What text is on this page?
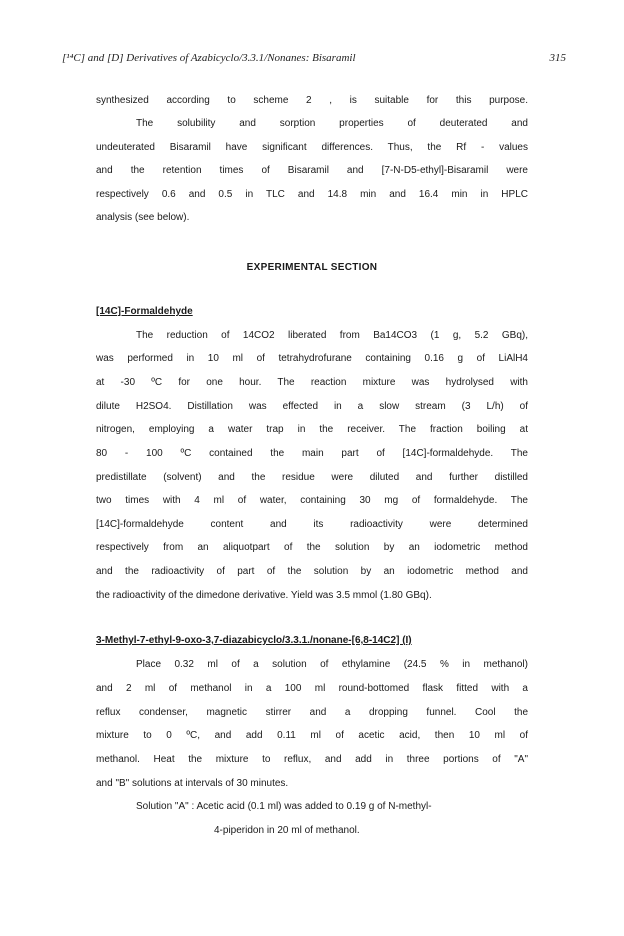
[¹⁴C] and [D] Derivatives of Azabicyclo/3.3.1/Nonanes: Bisaramil	315
synthesized according to scheme 2 , is suitable for this purpose.
The solubility and sorption properties of deuterated and
undeuterated Bisaramil have significant differences. Thus, the Rf - values
and the retention times of Bisaramil and [7-N-D5-ethyl]-Bisaramil were
respectively 0.6 and 0.5 in TLC and 14.8 min and 16.4 min in HPLC
analysis (see below).
EXPERIMENTAL SECTION
[14C]-Formaldehyde
The reduction of 14CO2 liberated from Ba14CO3 (1 g, 5.2 GBq),
was performed in 10 ml of tetrahydrofurane containing 0.16 g of LiAlH4
at -30 ºC for one hour. The reaction mixture was hydrolysed with
dilute H2SO4. Distillation was effected in a slow stream (3 L/h) of
nitrogen, employing a water trap in the receiver. The fraction boiling at
80 - 100 ºC contained the main part of [14C]-formaldehyde. The
predistillate (solvent) and the residue were diluted and further distilled
two times with 4 ml of water, containing 30 mg of formaldehyde. The
[14C]-formaldehyde content and its radioactivity were determined
respectively from an aliquotpart of the solution by an iodometric method
and the radioactivity of part of the solution by an iodometric method and
the radioactivity of the dimedone derivative. Yield was 3.5 mmol (1.80 GBq).
3-Methyl-7-ethyl-9-oxo-3,7-diazabicyclo/3.3.1./nonane-[6,8-14C2] (I)
Place 0.32 ml of a solution of ethylamine (24.5 % in methanol)
and 2 ml of methanol in a 100 ml round-bottomed flask fitted with a
reflux condenser, magnetic stirrer and a dropping funnel. Cool the
mixture to 0 ºC, and add 0.11 ml of acetic acid, then 10 ml of
methanol. Heat the mixture to reflux, and add in three portions of "A"
and "B" solutions at intervals of 30 minutes.
Solution "A" : Acetic acid (0.1 ml) was added to 0.19 g of N-methyl-
4-piperidon in 20 ml of methanol.
